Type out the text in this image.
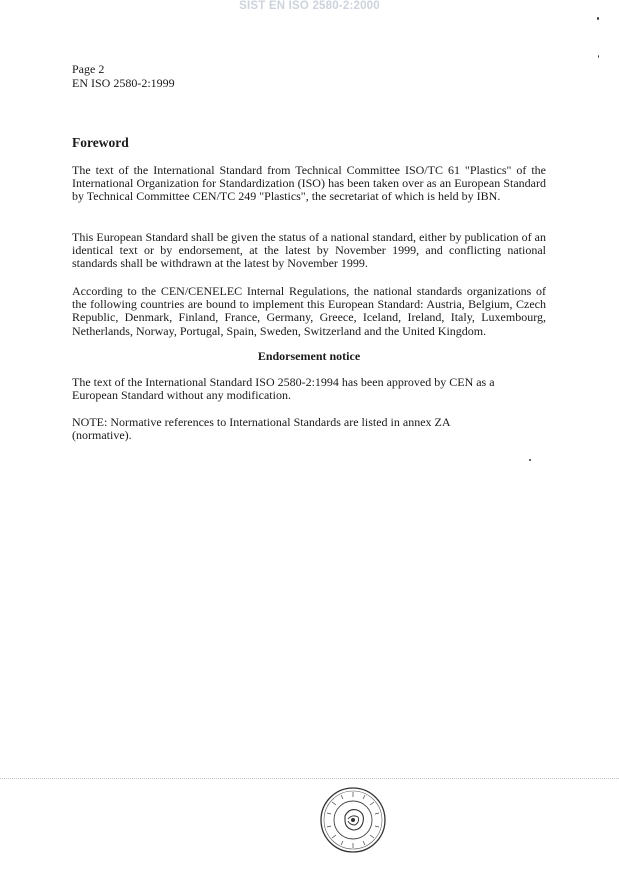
SIST EN ISO 2580-2:2000
Page 2
EN ISO 2580-2:1999
Foreword

The text of the International Standard from Technical Committee ISO/TC 61 "Plastics" of the International Organization for Standardization (ISO) has been taken over as an European Standard by Technical Committee CEN/TC 249 "Plastics", the secretariat of which is held by IBN.

This European Standard shall be given the status of a national standard, either by publication of an identical text or by endorsement, at the latest by November 1999, and conflicting national standards shall be withdrawn at the latest by November 1999.

According to the CEN/CENELEC Internal Regulations, the national standards organizations of the following countries are bound to implement this European Standard: Austria, Belgium, Czech Republic, Denmark, Finland, France, Germany, Greece, Iceland, Ireland, Italy, Luxembourg, Netherlands, Norway, Portugal, Spain, Sweden, Switzerland and the United Kingdom.

Endorsement notice

The text of the International Standard ISO 2580-2:1994 has been approved by CEN as a European Standard without any modification.

NOTE: Normative references to International Standards are listed in annex ZA (normative).
